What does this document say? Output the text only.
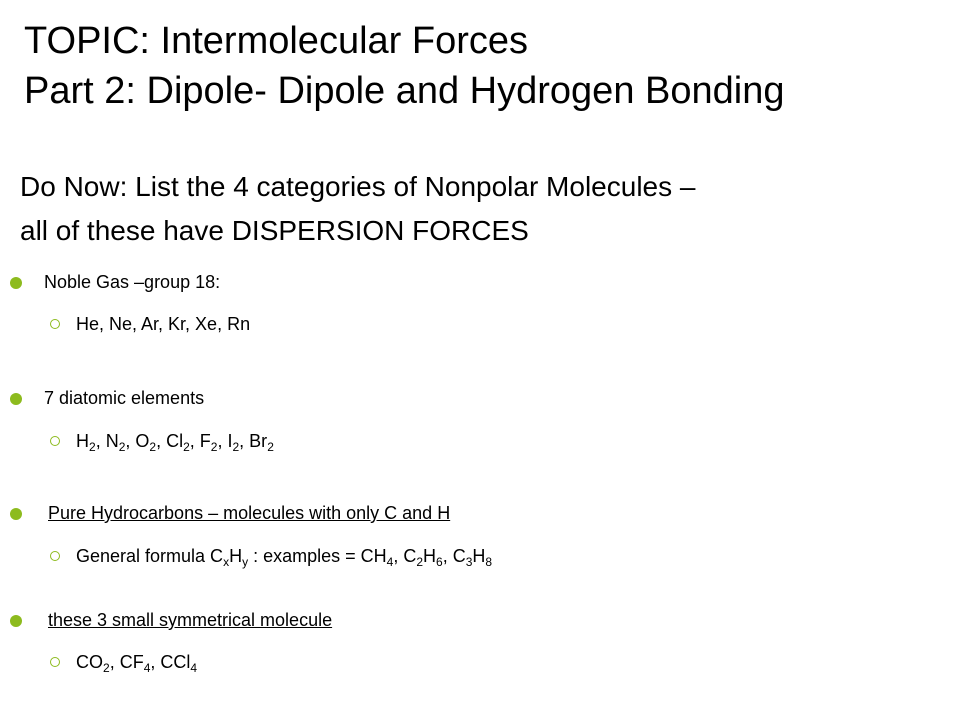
TOPIC: Intermolecular Forces
Part 2: Dipole- Dipole and Hydrogen Bonding
Do Now: List the 4 categories of Nonpolar Molecules –
all of these have DISPERSION FORCES
Noble Gas –group 18:
He, Ne, Ar, Kr, Xe, Rn
7 diatomic elements
$H_2$, $N_2$, $O_2$, $Cl_2$, $F_2$, $I_2$, $Br_2$
Pure Hydrocarbons – molecules with only C and H
General formula $C_xH_y$ : examples = $CH_4$, $C_2H_6$, $C_3H_8$
these 3 small symmetrical molecule
$CO_2$, $CF_4$, CCl$_4$
